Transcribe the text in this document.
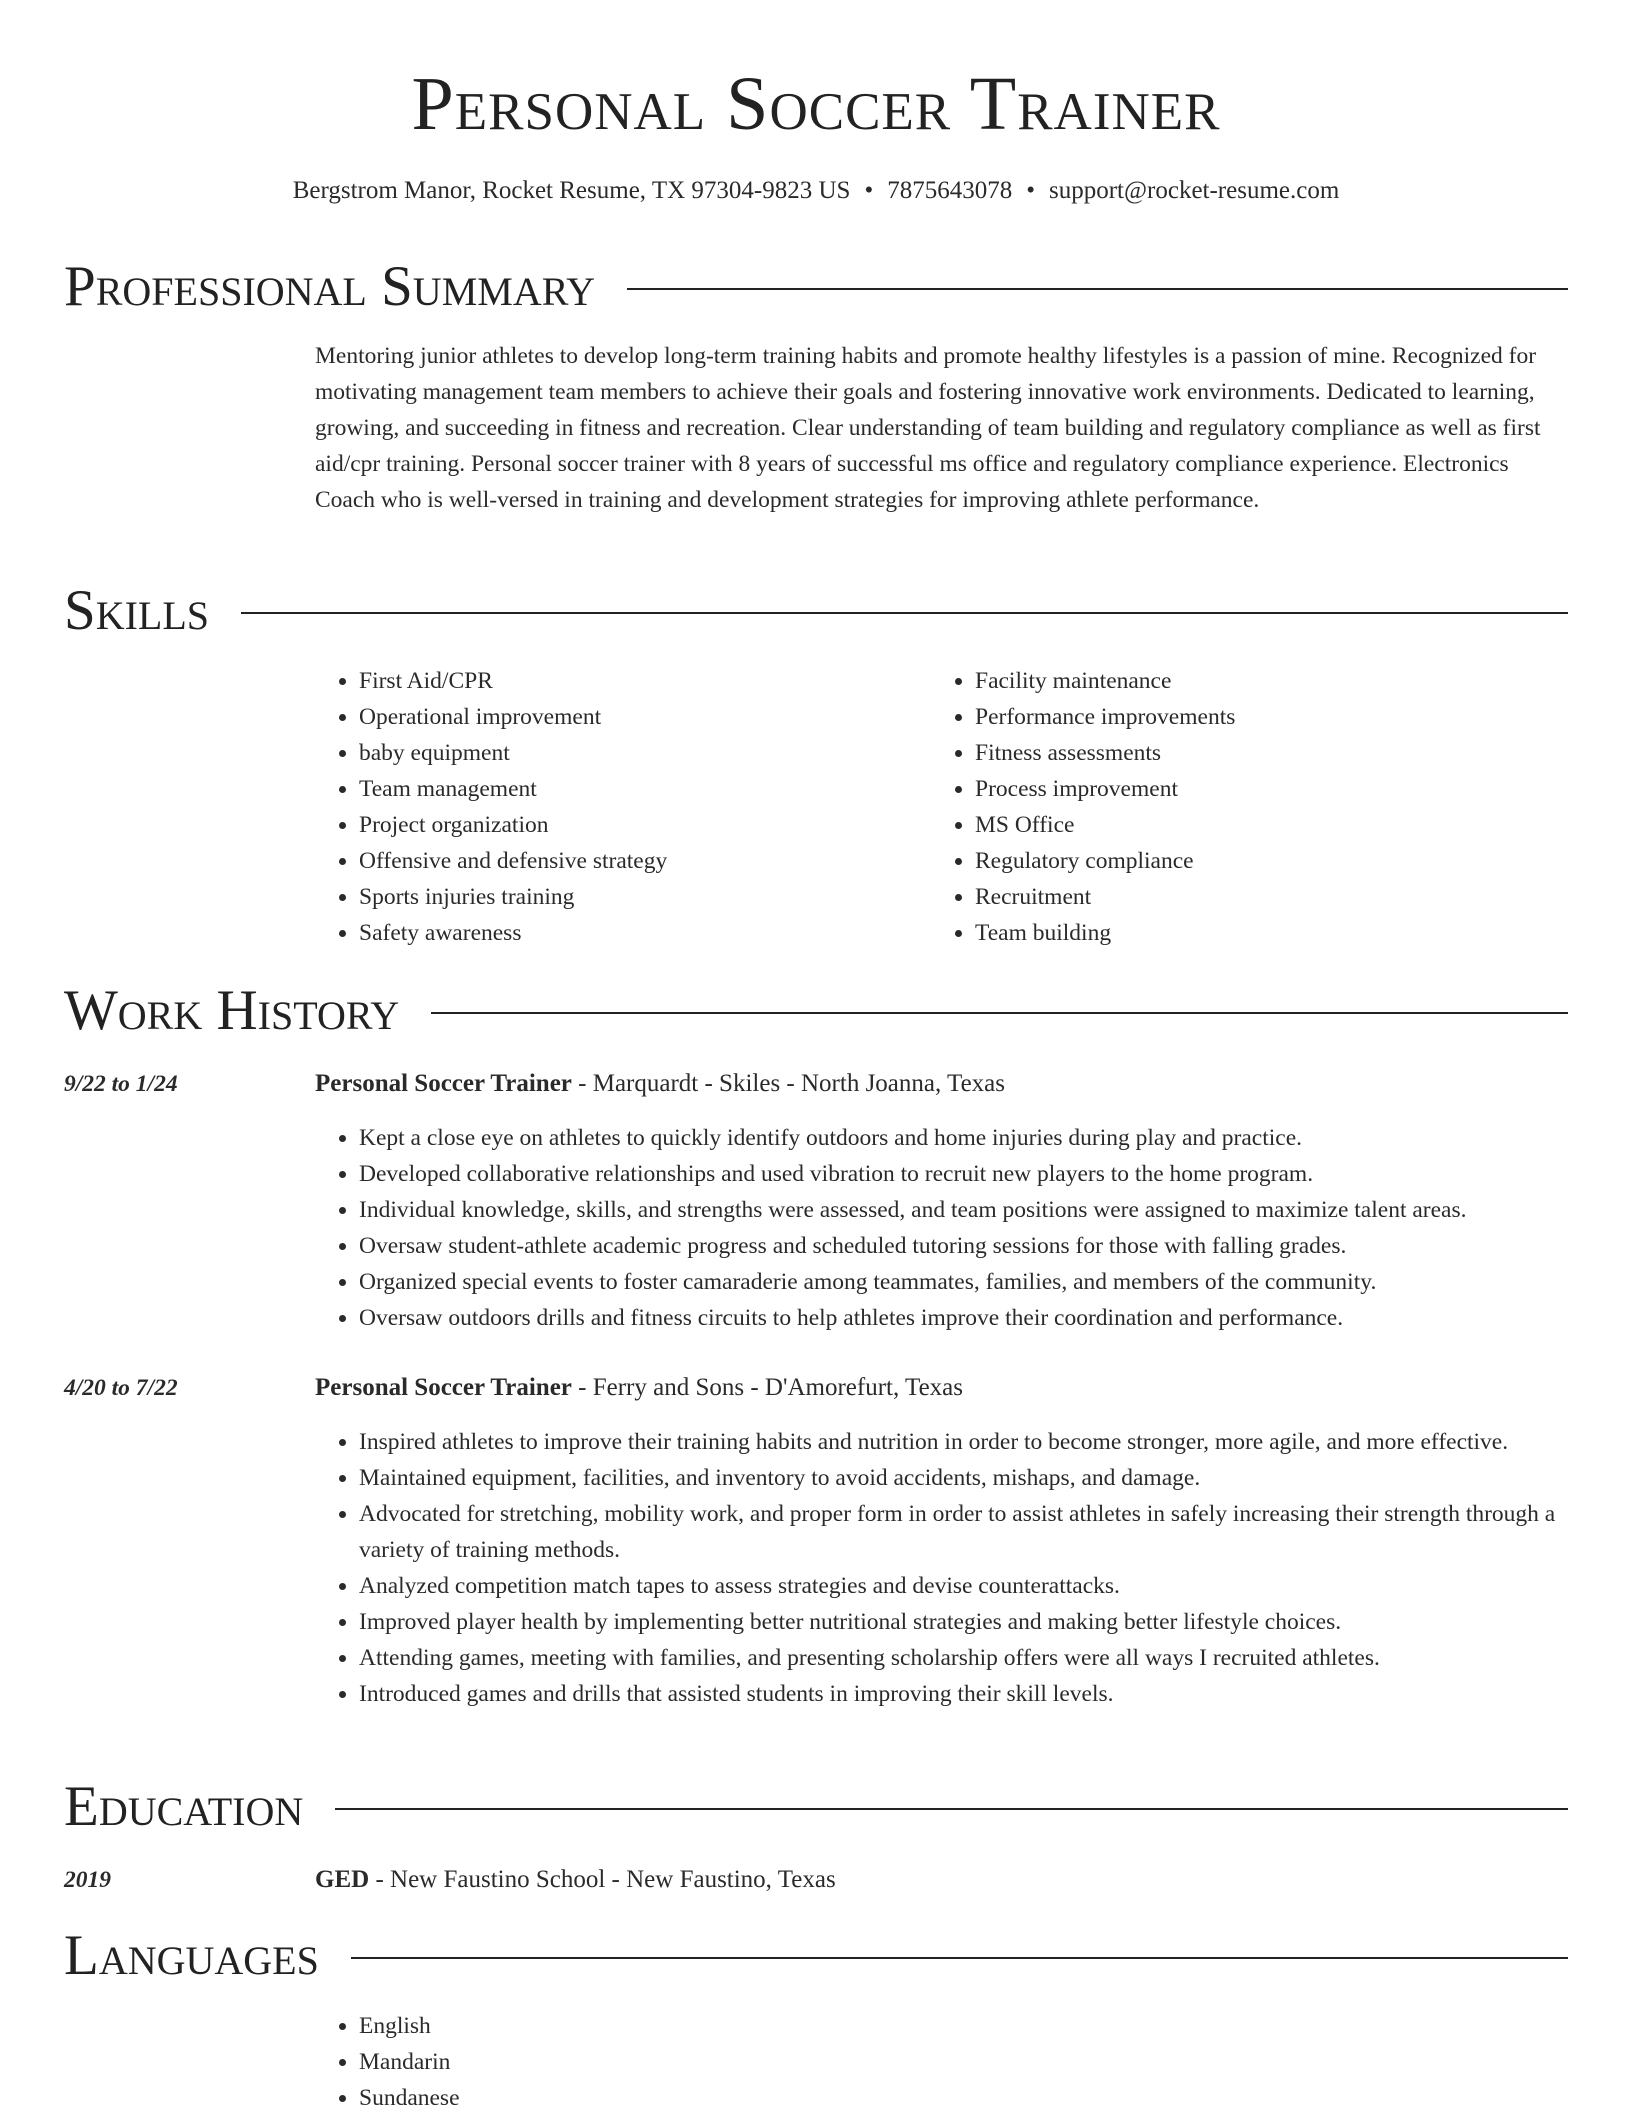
Personal Soccer Trainer
Bergstrom Manor, Rocket Resume, TX 97304-9823 US • 7875643078 • support@rocket-resume.com
Professional Summary

Mentoring junior athletes to develop long-term training habits and promote healthy lifestyles is a passion of mine. Recognized for motivating management team members to achieve their goals and fostering innovative work environments. Dedicated to learning, growing, and succeeding in fitness and recreation. Clear understanding of team building and regulatory compliance as well as first aid/cpr training. Personal soccer trainer with 8 years of successful ms office and regulatory compliance experience. Electronics Coach who is well-versed in training and development strategies for improving athlete performance.

Skills
• First Aid/CPR
• Operational improvement
• baby equipment
• Team management
• Project organization
• Offensive and defensive strategy
• Sports injuries training
• Safety awareness
• Facility maintenance
• Performance improvements
• Fitness assessments
• Process improvement
• MS Office
• Regulatory compliance
• Recruitment
• Team building
Work History
9/22 to 1/24	Personal Soccer Trainer - Marquardt - Skiles - North Joanna, Texas
• Kept a close eye on athletes to quickly identify outdoors and home injuries during play and practice.
• Developed collaborative relationships and used vibration to recruit new players to the home program.
• Individual knowledge, skills, and strengths were assessed, and team positions were assigned to maximize talent areas.
• Oversaw student-athlete academic progress and scheduled tutoring sessions for those with falling grades.
• Organized special events to foster camaraderie among teammates, families, and members of the community.
• Oversaw outdoors drills and fitness circuits to help athletes improve their coordination and performance.
4/20 to 7/22	Personal Soccer Trainer - Ferry and Sons - D'Amorefurt, Texas
• Inspired athletes to improve their training habits and nutrition in order to become stronger, more agile, and more effective.
• Maintained equipment, facilities, and inventory to avoid accidents, mishaps, and damage.
• Advocated for stretching, mobility work, and proper form in order to assist athletes in safely increasing their strength through a variety of training methods.
• Analyzed competition match tapes to assess strategies and devise counterattacks.
• Improved player health by implementing better nutritional strategies and making better lifestyle choices.
• Attending games, meeting with families, and presenting scholarship offers were all ways I recruited athletes.
• Introduced games and drills that assisted students in improving their skill levels.
Education
2019	GED - New Faustino School - New Faustino, Texas
Languages
• English
• Mandarin
• Sundanese
